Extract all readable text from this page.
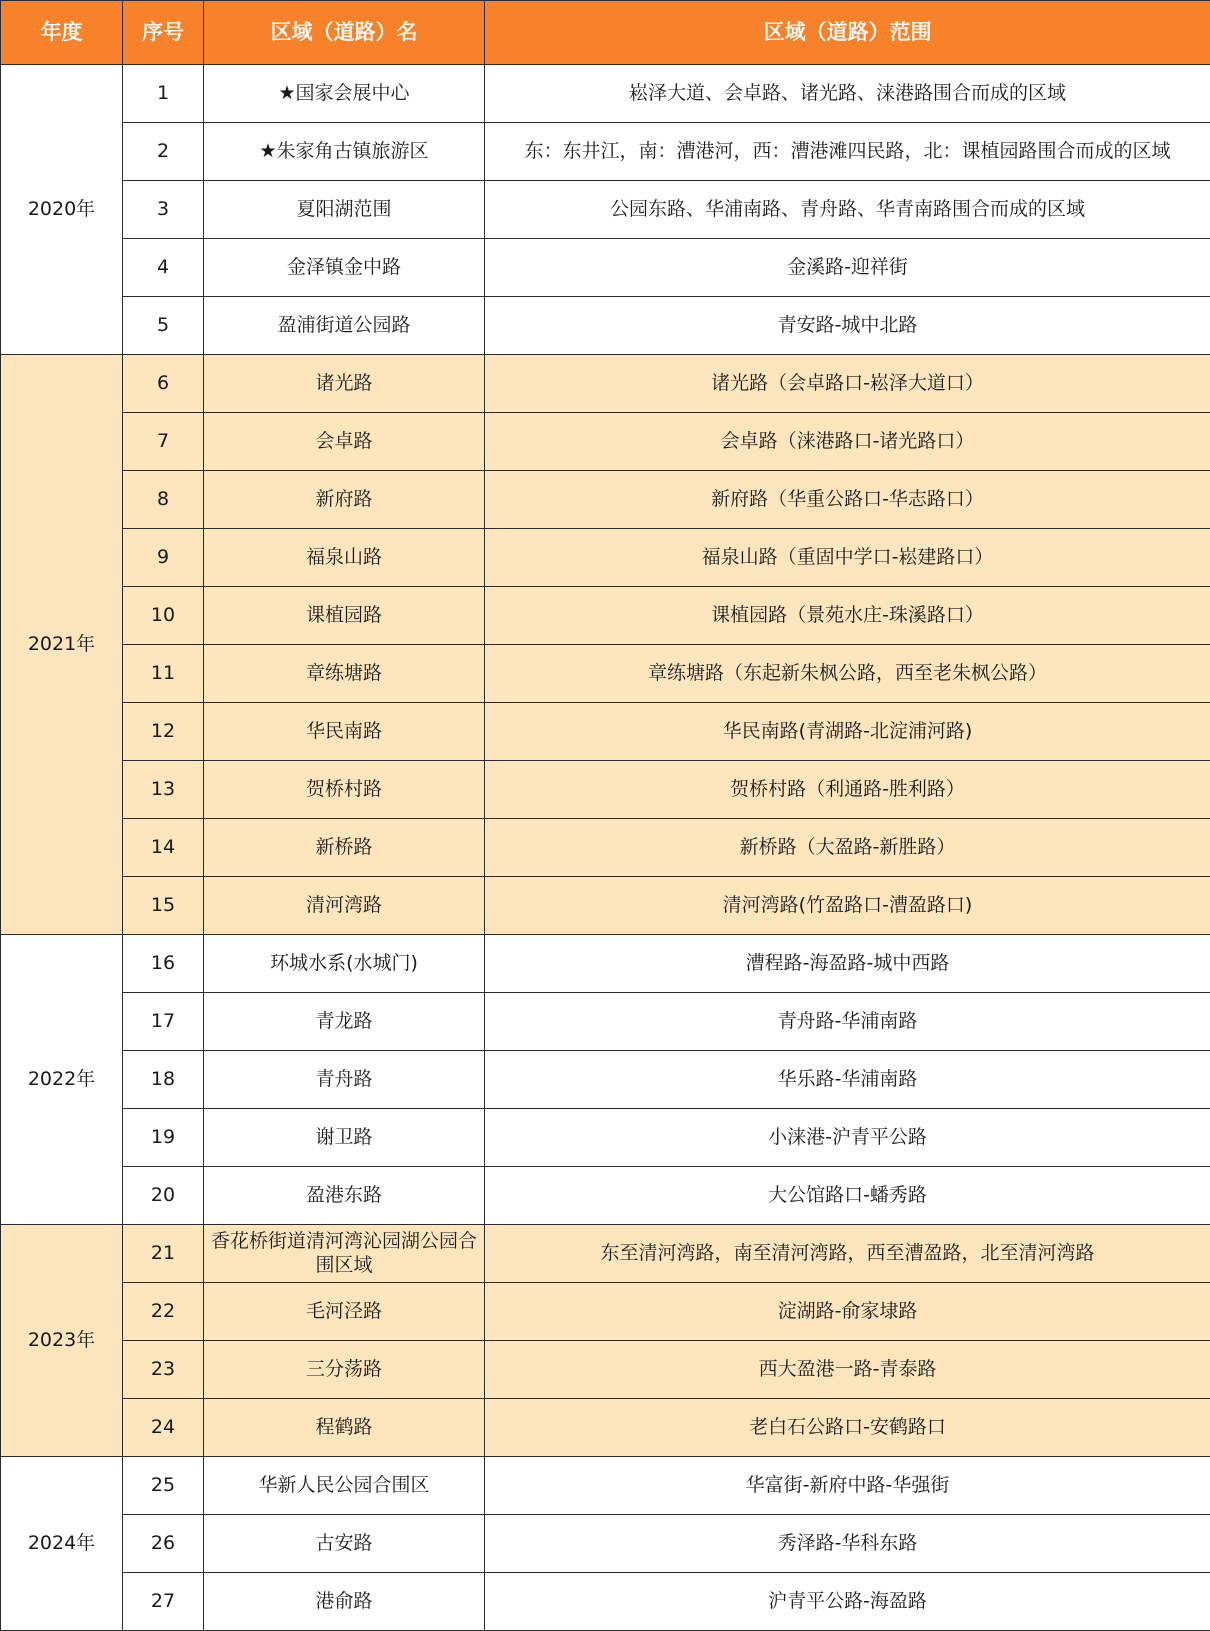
年度	序号	区域（道路）名	区域（道路）范围
2020年	1	★国家会展中心	崧泽大道、会卓路、诸光路、涞港路围合而成的区域
	2	★朱家角古镇旅游区	东：东井江，南：漕港河，西：漕港滩四民路，北：课植园路围合而成的区域
	3	夏阳湖范围	公园东路、华浦南路、青舟路、华青南路围合而成的区域
	4	金泽镇金中路	金溪路-迎祥街
	5	盈浦街道公园路	青安路-城中北路
2021年	6	诸光路	诸光路（会卓路口-崧泽大道口）
	7	会卓路	会卓路（涞港路口-诸光路口）
	8	新府路	新府路（华重公路口-华志路口）
	9	福泉山路	福泉山路（重固中学口-崧建路口）
	10	课植园路	课植园路（景苑水庄-珠溪路口）
	11	章练塘路	章练塘路（东起新朱枫公路，西至老朱枫公路）
	12	华民南路	华民南路(青湖路-北淀浦河路)
	13	贺桥村路	贺桥村路（利通路-胜利路）
	14	新桥路	新桥路（大盈路-新胜路）
	15	清河湾路	清河湾路(竹盈路口-漕盈路口)
2022年	16	环城水系(水城门)	漕程路-海盈路-城中西路
	17	青龙路	青舟路-华浦南路
	18	青舟路	华乐路-华浦南路
	19	谢卫路	小涞港-沪青平公路
	20	盈港东路	大公馆路口-蟠秀路
2023年	21	香花桥街道清河湾沁园湖公园合围区域	东至清河湾路，南至清河湾路，西至漕盈路，北至清河湾路
	22	毛河泾路	淀湖路-俞家埭路
	23	三分荡路	西大盈港一路-青泰路
	24	程鹤路	老白石公路口-安鹤路口
2024年	25	华新人民公园合围区	华富街-新府中路-华强街
	26	古安路	秀泽路-华科东路
	27	港俞路	沪青平公路-海盈路
